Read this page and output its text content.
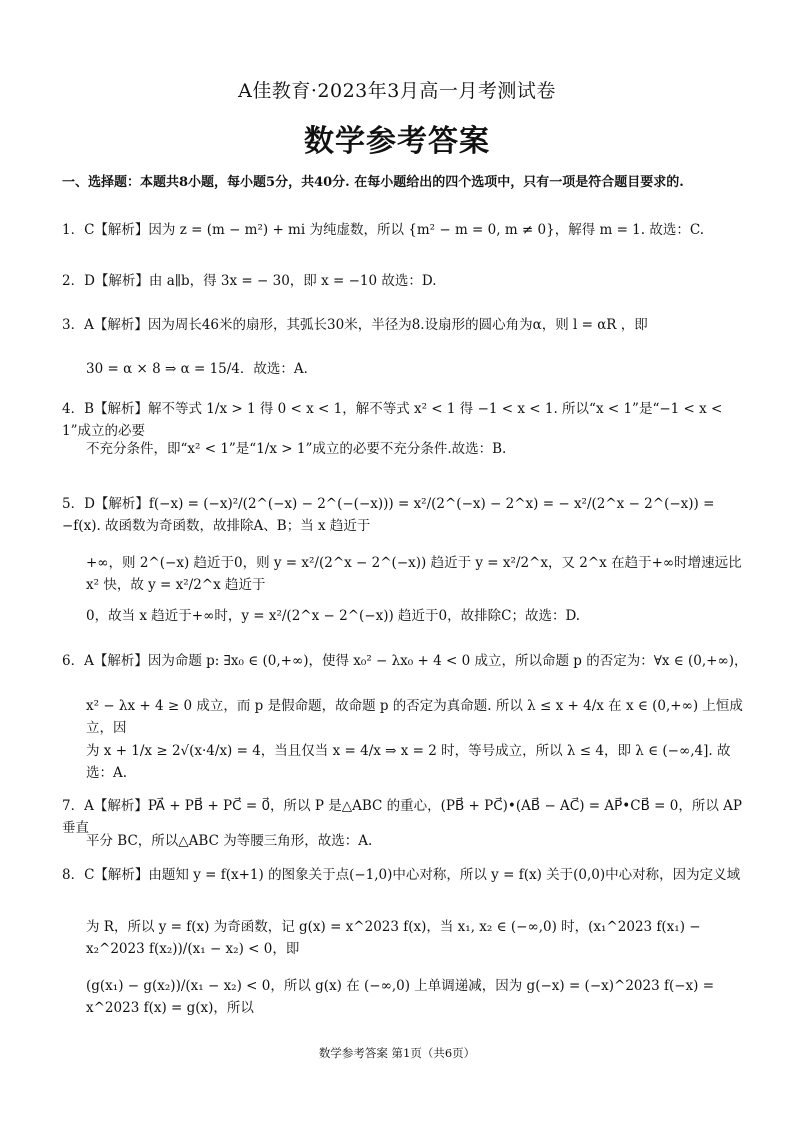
A佳教育·2023年3月高一月考测试卷
数学参考答案
一、选择题：本题共8小题，每小题5分，共40分. 在每小题给出的四个选项中，只有一项是符合题目要求的.
1．C【解析】因为 z = (m − m²) + mi 为纯虚数，所以 {m² − m = 0, m ≠ 0}，解得 m = 1. 故选：C.
2．D【解析】由 a∥b，得 3x = − 30，即 x = −10 故选：D.
3．A【解析】因为周长46米的扇形，其弧长30米，半径为8.设扇形的圆心角为α，则 l = αR ，即
30 = α × 8 ⇒ α = 15/4．故选：A．
4．B【解析】解不等式 1/x > 1 得 0 < x < 1，解不等式 x² < 1 得 −1 < x < 1. 所以“x < 1”是“−1 < x < 1”成立的必要
不充分条件，即“x² < 1”是“1/x > 1”成立的必要不充分条件.故选：B.
5．D【解析】f(−x) = (−x)²/(2^(−x) − 2^(−(−x))) = x²/(2^(−x) − 2^x) = − x²/(2^x − 2^(−x)) = −f(x). 故函数为奇函数，故排除A、B；当 x 趋近于
+∞，则 2^(−x) 趋近于0，则 y = x²/(2^x − 2^(−x)) 趋近于 y = x²/2^x，又 2^x 在趋于+∞时增速远比 x² 快，故 y = x²/2^x 趋近于
0，故当 x 趋近于+∞时，y = x²/(2^x − 2^(−x)) 趋近于0，故排除C；故选：D.
6．A【解析】因为命题 p: ∃x₀ ∈ (0,+∞)，使得 x₀² − λx₀ + 4 < 0 成立，所以命题 p 的否定为：∀x ∈ (0,+∞)，
x² − λx + 4 ≥ 0 成立，而 p 是假命题，故命题 p 的否定为真命题. 所以 λ ≤ x + 4/x 在 x ∈ (0,+∞) 上恒成立，因
为 x + 1/x ≥ 2√(x·4/x) = 4，当且仅当 x = 4/x ⇒ x = 2 时，等号成立，所以 λ ≤ 4，即 λ ∈ (−∞,4]. 故选：A.
7．A【解析】PA⃗ + PB⃗ + PC⃗ = 0⃗，所以 P 是△ABC 的重心，(PB⃗ + PC⃗)•(AB⃗ − AC⃗) = AP⃗•CB⃗ = 0，所以 AP 垂直
平分 BC，所以△ABC 为等腰三角形，故选：A.
8．C【解析】由题知 y = f(x+1) 的图象关于点(−1,0)中心对称，所以 y = f(x) 关于(0,0)中心对称，因为定义域
为 R，所以 y = f(x) 为奇函数，记 g(x) = x^2023 f(x)，当 x₁, x₂ ∈ (−∞,0) 时，(x₁^2023 f(x₁) − x₂^2023 f(x₂))/(x₁ − x₂) < 0，即
(g(x₁) − g(x₂))/(x₁ − x₂) < 0，所以 g(x) 在 (−∞,0) 上单调递减，因为 g(−x) = (−x)^2023 f(−x) = x^2023 f(x) = g(x)，所以
数学参考答案 第1页（共6页）
